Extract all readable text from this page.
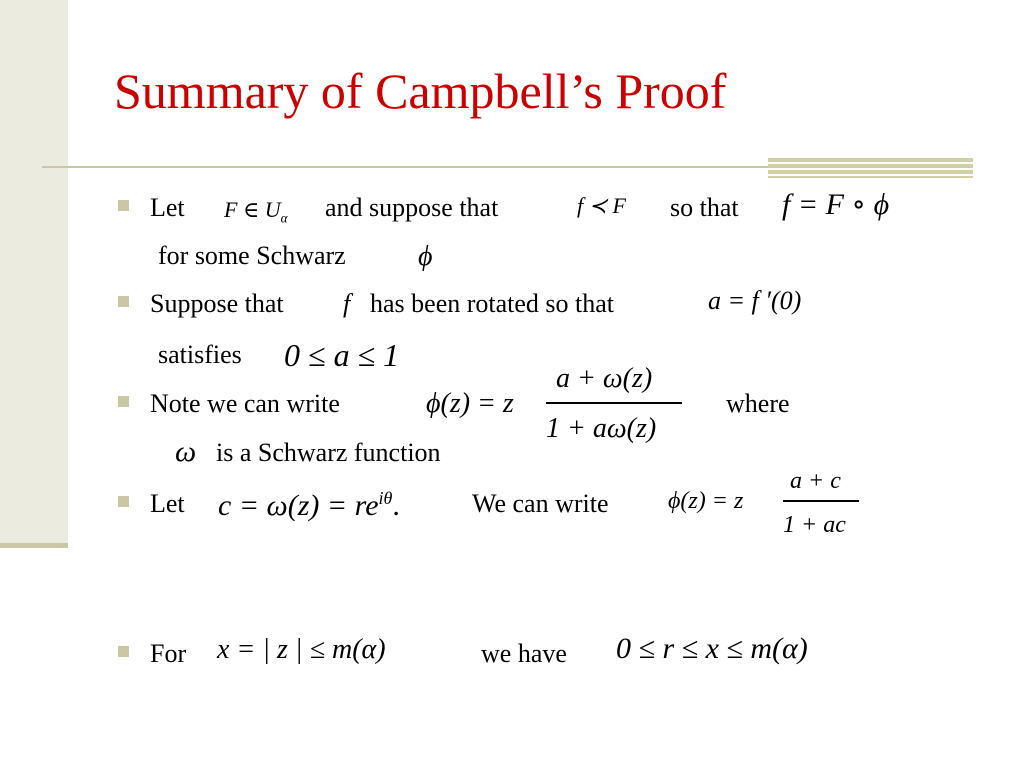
Summary of Campbell’s Proof
Let F ∈ $U_\alpha$ and suppose that	f ≺ F so that f = F ∘ ϕ
for some Schwarz	ϕ
Suppose that f has been rotated so that	a = f ′(0)
satisfies 0 ≤ a ≤ 1
Note we can write	ϕ(z) = z
a + ω(z)
1 + aω(z)
where
ω is a Schwarz function
Let $c = \omega(z) = re^{i\theta}$.	We can write ϕ(z) = z
a + c
1 + ac
For x = | z | ≤ m(α)	we have 0 ≤ r ≤ x ≤ m(α)
